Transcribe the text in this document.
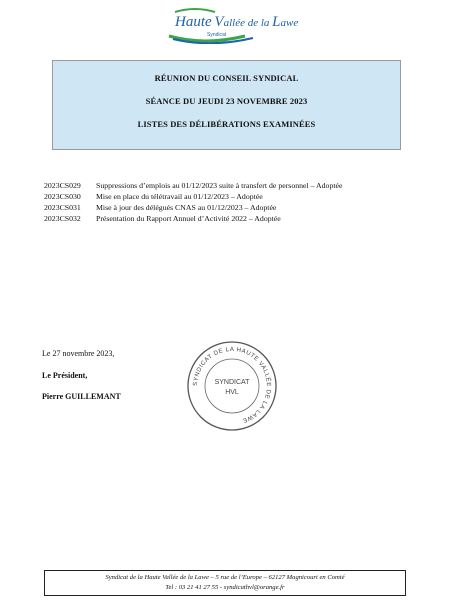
Haute Vallée de la Lawe
Syndicat
RÉUNION DU CONSEIL SYNDICAL
SÉANCE DU JEUDI 23 NOVEMBRE 2023
LISTES DES DÉLIBÉRATIONS EXAMINÉES
2023CS029	Suppressions d’emplois au 01/12/2023 suite à transfert de personnel – Adoptée
2023CS030	Mise en place du télétravail au 01/12/2023 – Adoptée
2023CS031	Mise à jour des délégués CNAS au 01/12/2023 – Adoptée
2023CS032	Présentation du Rapport Annuel d’Activité 2022 – Adoptée
Le 27 novembre 2023,
Le Président,
Pierre GUILLEMANT
SYNDICAT DE LA HAUTE VALLÉE DE LA LAWE
SYNDICAT
HVL
Syndicat de la Haute Vallée de la Lawe – 5 rue de l’Europe – 62127 Magnicourt en Comté
Tel : 03 21 41 27 55 - syndicathvl@orange.fr
